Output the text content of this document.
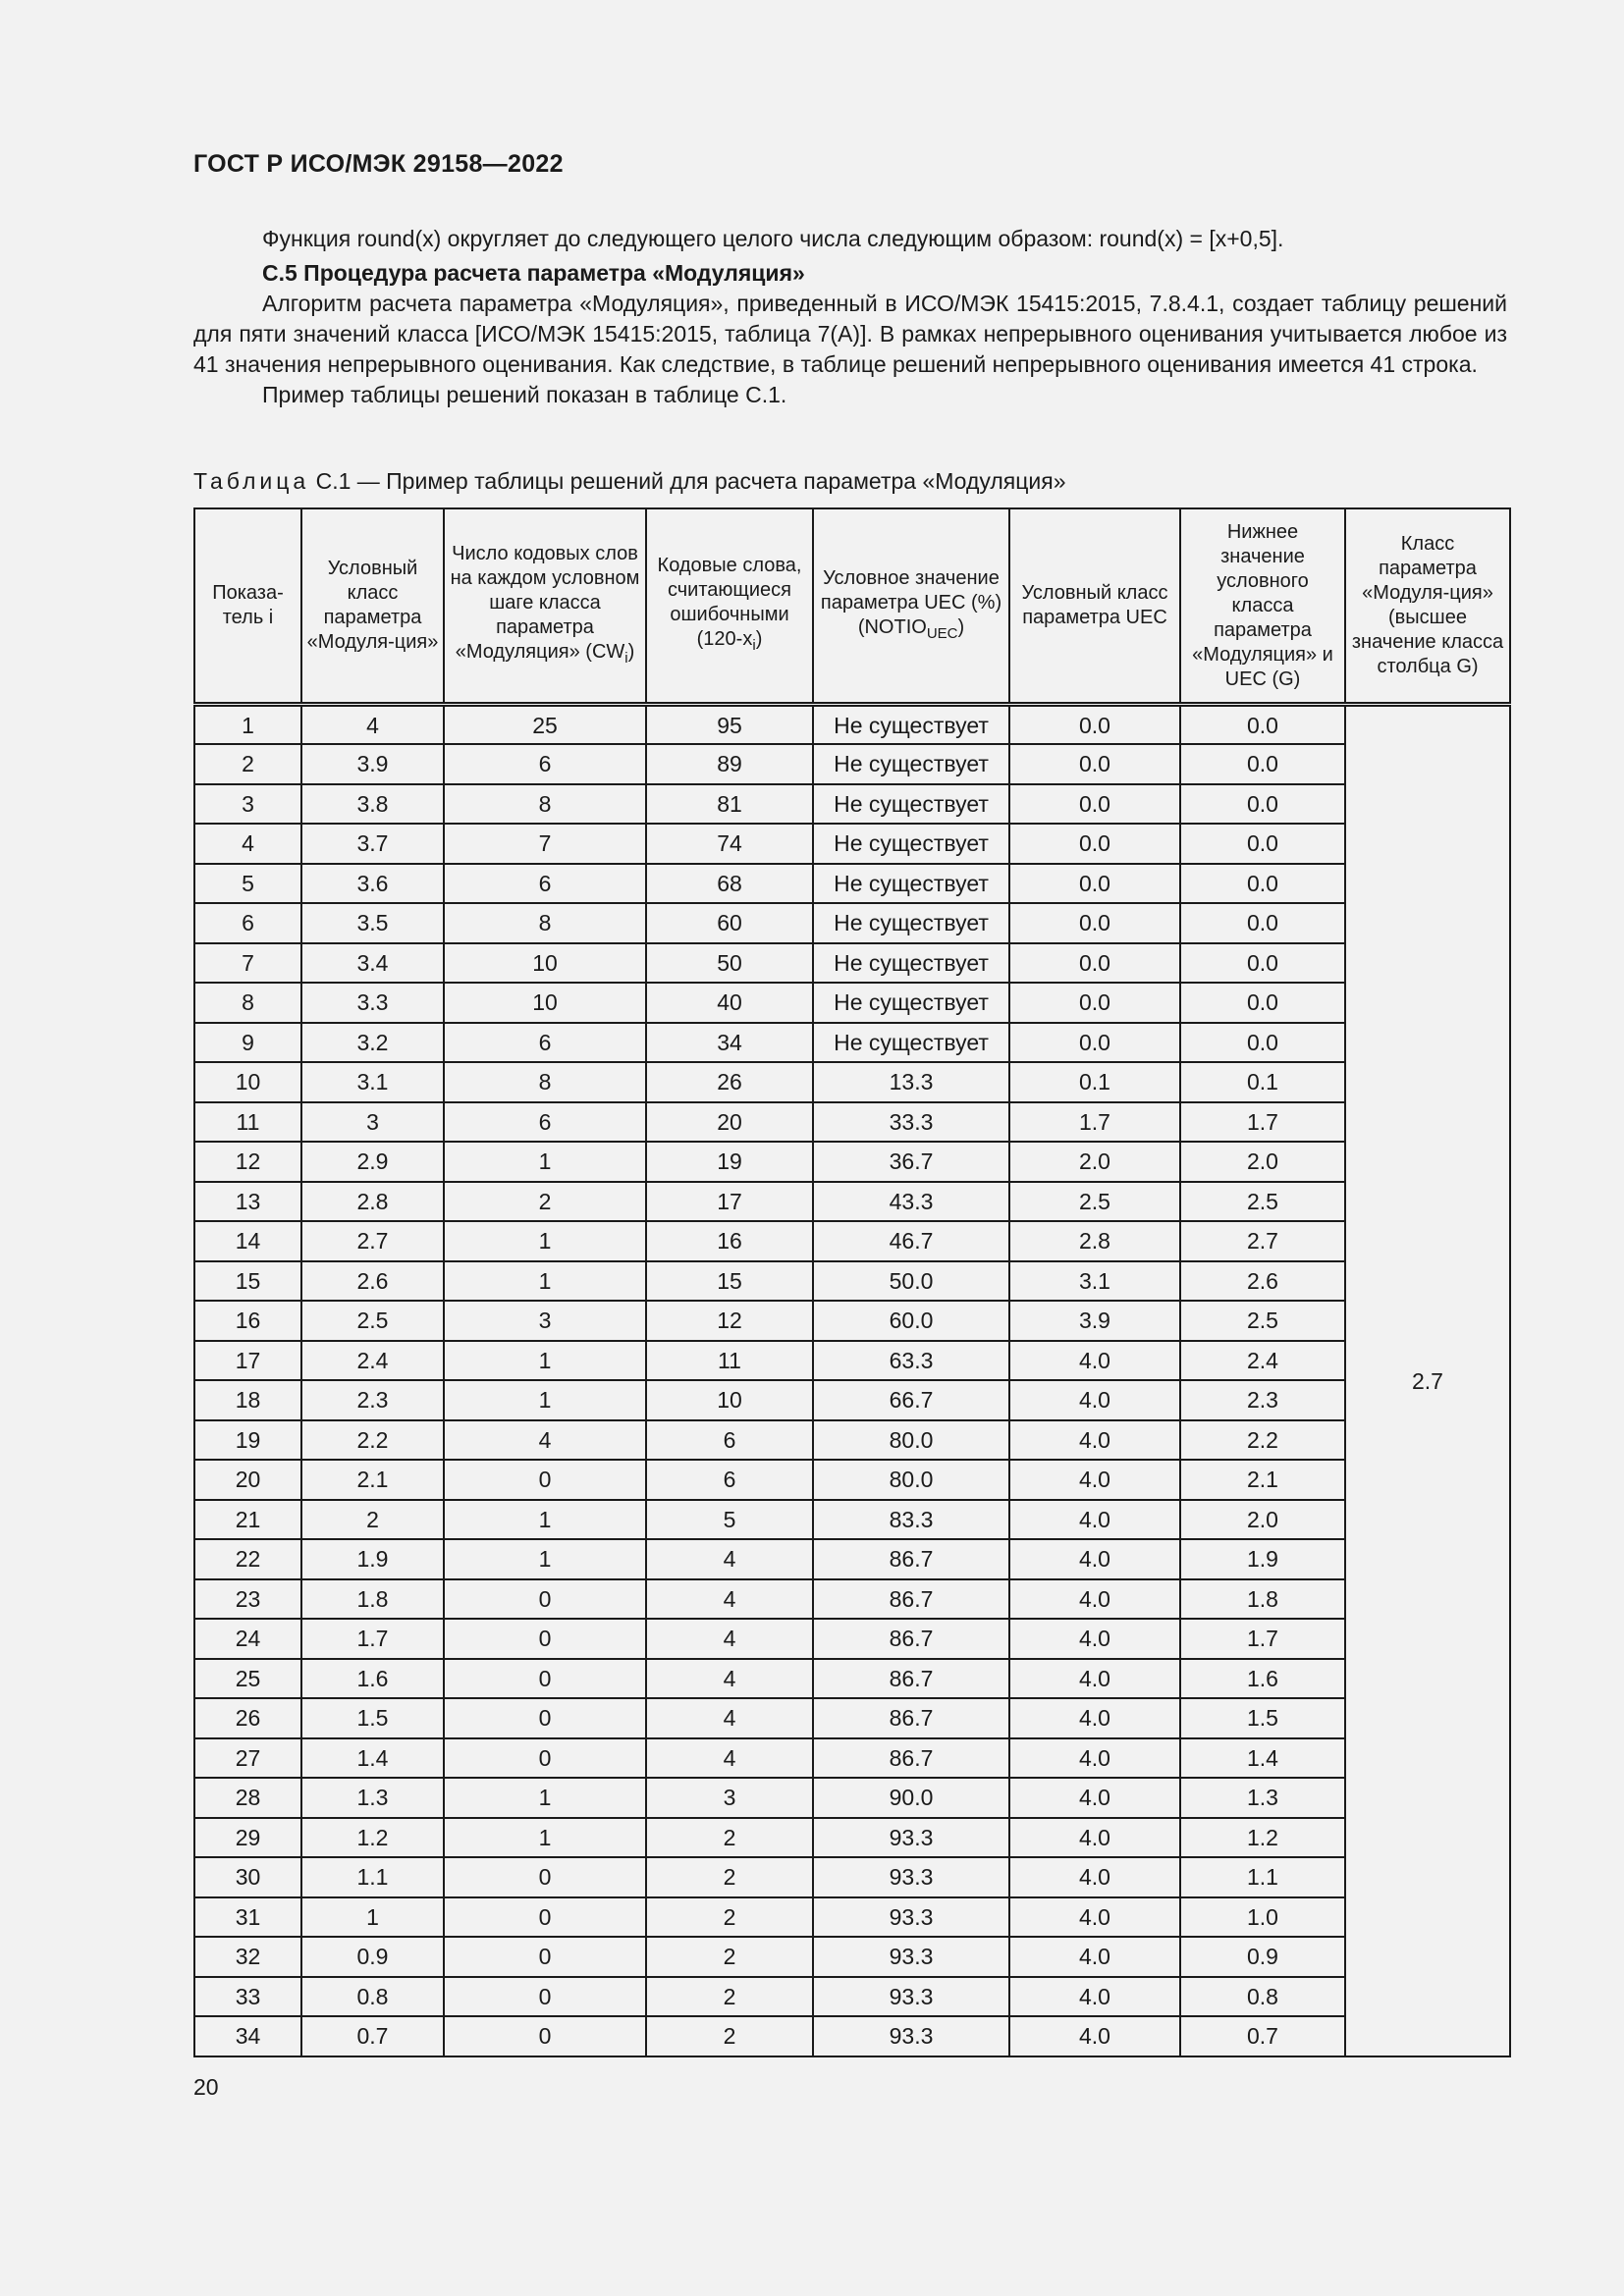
ГОСТ Р ИСО/МЭК 29158—2022

Функция round(x) округляет до следующего целого числа следующим образом: round(x) = [x+0,5].

C.5 Процедура расчета параметра «Модуляция»

Алгоритм расчета параметра «Модуляция», приведенный в ИСО/МЭК 15415:2015, 7.8.4.1, создает таблицу решений для пяти значений класса [ИСО/МЭК 15415:2015, таблица 7(A)]. В рамках непрерывного оценивания учитывается любое из 41 значения непрерывного оценивания. Как следствие, в таблице решений непрерывного оценивания имеется 41 строка.

Пример таблицы решений показан в таблице C.1.

Таблица C.1 — Пример таблицы решений для расчета параметра «Модуляция»
Показа-тель i	Условный класс параметра «Модуля-ция»	Число кодовых слов на каждом условном шаге класса параметра «Модуляция» $(CW_i)$	Кодовые слова, считающиеся ошибочными $(120-x_i)$	Условное значение параметра UEC (%) $(NOTIO_{UEC})$	Условный класс параметра UEC	Нижнее значение условного класса параметра «Модуляция» и UEC (G)	Класс параметра «Модуля-ция» (высшее значение класса столбца G)
1	4	25	95	Не существует	0.0	0.0	2.7
2	3.9	6	89	Не существует	0.0	0.0	
3	3.8	8	81	Не существует	0.0	0.0	
4	3.7	7	74	Не существует	0.0	0.0	
5	3.6	6	68	Не существует	0.0	0.0	
6	3.5	8	60	Не существует	0.0	0.0	
7	3.4	10	50	Не существует	0.0	0.0	
8	3.3	10	40	Не существует	0.0	0.0	
9	3.2	6	34	Не существует	0.0	0.0	
10	3.1	8	26	13.3	0.1	0.1	
11	3	6	20	33.3	1.7	1.7	
12	2.9	1	19	36.7	2.0	2.0	
13	2.8	2	17	43.3	2.5	2.5	
14	2.7	1	16	46.7	2.8	2.7	
15	2.6	1	15	50.0	3.1	2.6	
16	2.5	3	12	60.0	3.9	2.5	
17	2.4	1	11	63.3	4.0	2.4	
18	2.3	1	10	66.7	4.0	2.3	
19	2.2	4	6	80.0	4.0	2.2	
20	2.1	0	6	80.0	4.0	2.1	
21	2	1	5	83.3	4.0	2.0	
22	1.9	1	4	86.7	4.0	1.9	
23	1.8	0	4	86.7	4.0	1.8	
24	1.7	0	4	86.7	4.0	1.7	
25	1.6	0	4	86.7	4.0	1.6	
26	1.5	0	4	86.7	4.0	1.5	
27	1.4	0	4	86.7	4.0	1.4	
28	1.3	1	3	90.0	4.0	1.3	
29	1.2	1	2	93.3	4.0	1.2	
30	1.1	0	2	93.3	4.0	1.1	
31	1	0	2	93.3	4.0	1.0	
32	0.9	0	2	93.3	4.0	0.9	
33	0.8	0	2	93.3	4.0	0.8	
34	0.7	0	2	93.3	4.0	0.7	
20
